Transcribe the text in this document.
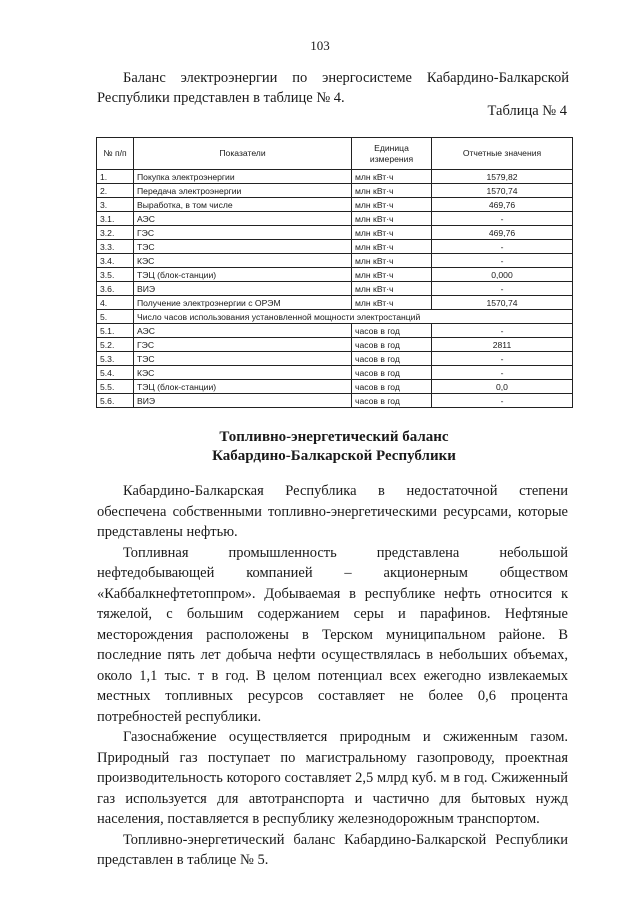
103

Баланс электроэнергии по энергосистеме Кабардино-Балкарской Республики представлен в таблице № 4.

Таблица № 4
№ п/п	Показатели	Единица измерения	Отчетные значения
1.	Покупка электроэнергии	млн кВт·ч	1579,82
2.	Передача электроэнергии	млн кВт·ч	1570,74
3.	Выработка, в том числе	млн кВт·ч	469,76
3.1.	АЭС	млн кВт·ч	-
3.2.	ГЭС	млн кВт·ч	469,76
3.3.	ТЭС	млн кВт·ч	-
3.4.	КЭС	млн кВт·ч	-
3.5.	ТЭЦ (блок-станции)	млн кВт·ч	0,000
3.6.	ВИЭ	млн кВт·ч	-
4.	Получение электроэнергии с ОРЭМ	млн кВт·ч	1570,74
5.	Число часов использования установленной мощности электростанций		
5.1.	АЭС	часов в год	-
5.2.	ГЭС	часов в год	2811
5.3.	ТЭС	часов в год	-
5.4.	КЭС	часов в год	-
5.5.	ТЭЦ (блок-станции)	часов в год	0,0
5.6.	ВИЭ	часов в год	-
Топливно-энергетический баланс
Кабардино-Балкарской Республики

Кабардино-Балкарская Республика в недостаточной степени обеспечена собственными топливно-энергетическими ресурсами, которые представлены нефтью.

Топливная промышленность представлена небольшой нефтедобывающей компанией – акционерным обществом «Каббалкнефтетоппром». Добываемая в республике нефть относится к тяжелой, с большим содержанием серы и парафинов. Нефтяные месторождения расположены в Терском муниципальном районе. В последние пять лет добыча нефти осуществлялась в небольших объемах, около 1,1 тыс. т в год. В целом потенциал всех ежегодно извлекаемых местных топливных ресурсов составляет не более 0,6 процента потребностей республики.

Газоснабжение осуществляется природным и сжиженным газом. Природный газ поступает по магистральному газопроводу, проектная производительность которого составляет 2,5 млрд куб. м в год. Сжиженный газ используется для автотранспорта и частично для бытовых нужд населения, поставляется в республику железнодорожным транспортом.

Топливно-энергетический баланс Кабардино-Балкарской Республики представлен в таблице № 5.
